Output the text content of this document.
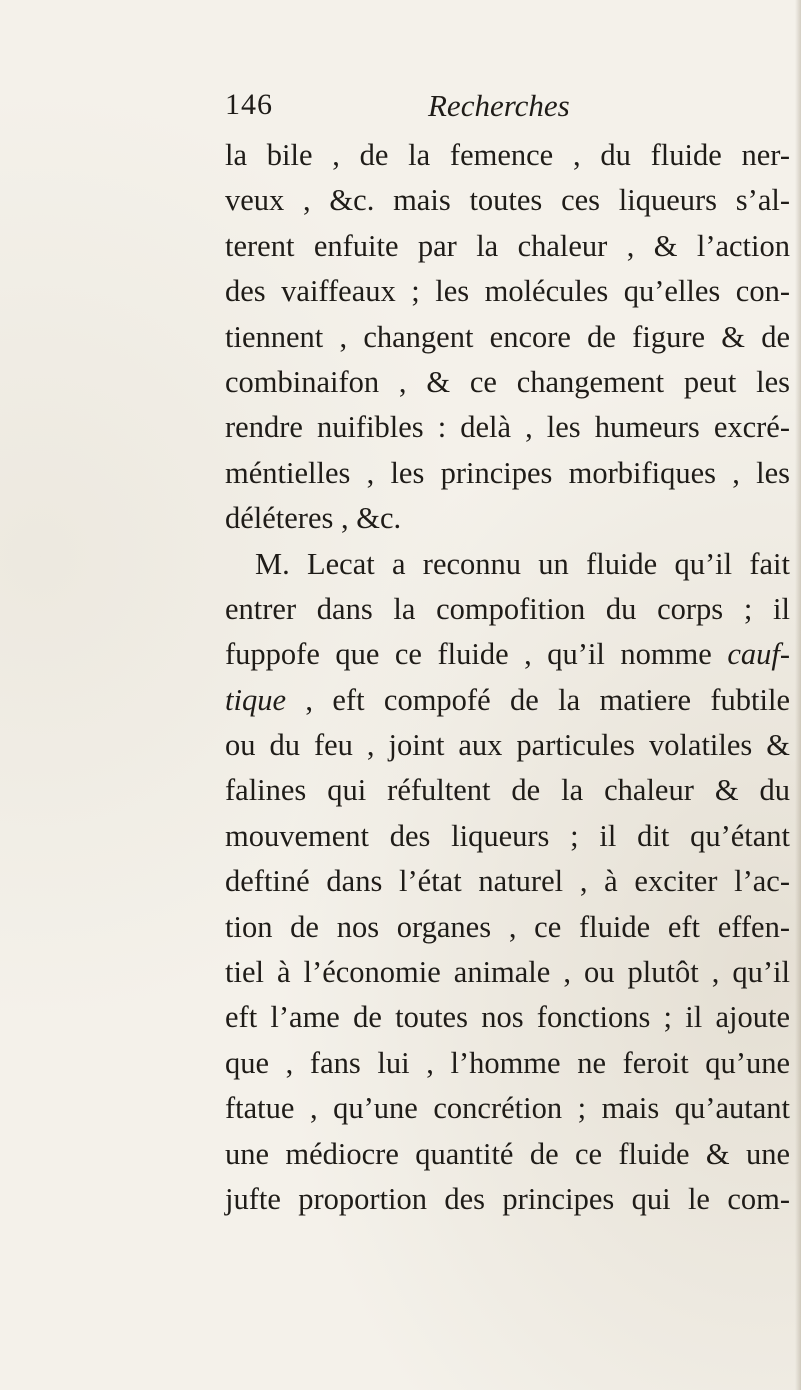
146	Recherches
la bile , de la femence , du fluide ner-
veux , &c. mais toutes ces liqueurs s’al-
terent enfuite par la chaleur , & l’action
des vaiffeaux ; les molécules qu’elles con-
tiennent , changent encore de figure & de
combinaifon , & ce changement peut les
rendre nuifibles : delà , les humeurs excré-
méntielles , les principes morbifiques , les
déléteres , &c.
M. Lecat a reconnu un fluide qu’il fait
entrer dans la compofition du corps ; il
fuppofe que ce fluide , qu’il nomme cauf-
tique , eft compofé de la matiere fubtile
ou du feu , joint aux particules volatiles &
falines qui réfultent de la chaleur & du
mouvement des liqueurs ; il dit qu’étant
deftiné dans l’état naturel , à exciter l’ac-
tion de nos organes , ce fluide eft effen-
tiel à l’économie animale , ou plutôt , qu’il
eft l’ame de toutes nos fonctions ; il ajoute
que , fans lui , l’homme ne feroit qu’une
ftatue , qu’une concrétion ; mais qu’autant
une médiocre quantité de ce fluide & une
jufte proportion des principes qui le com-
